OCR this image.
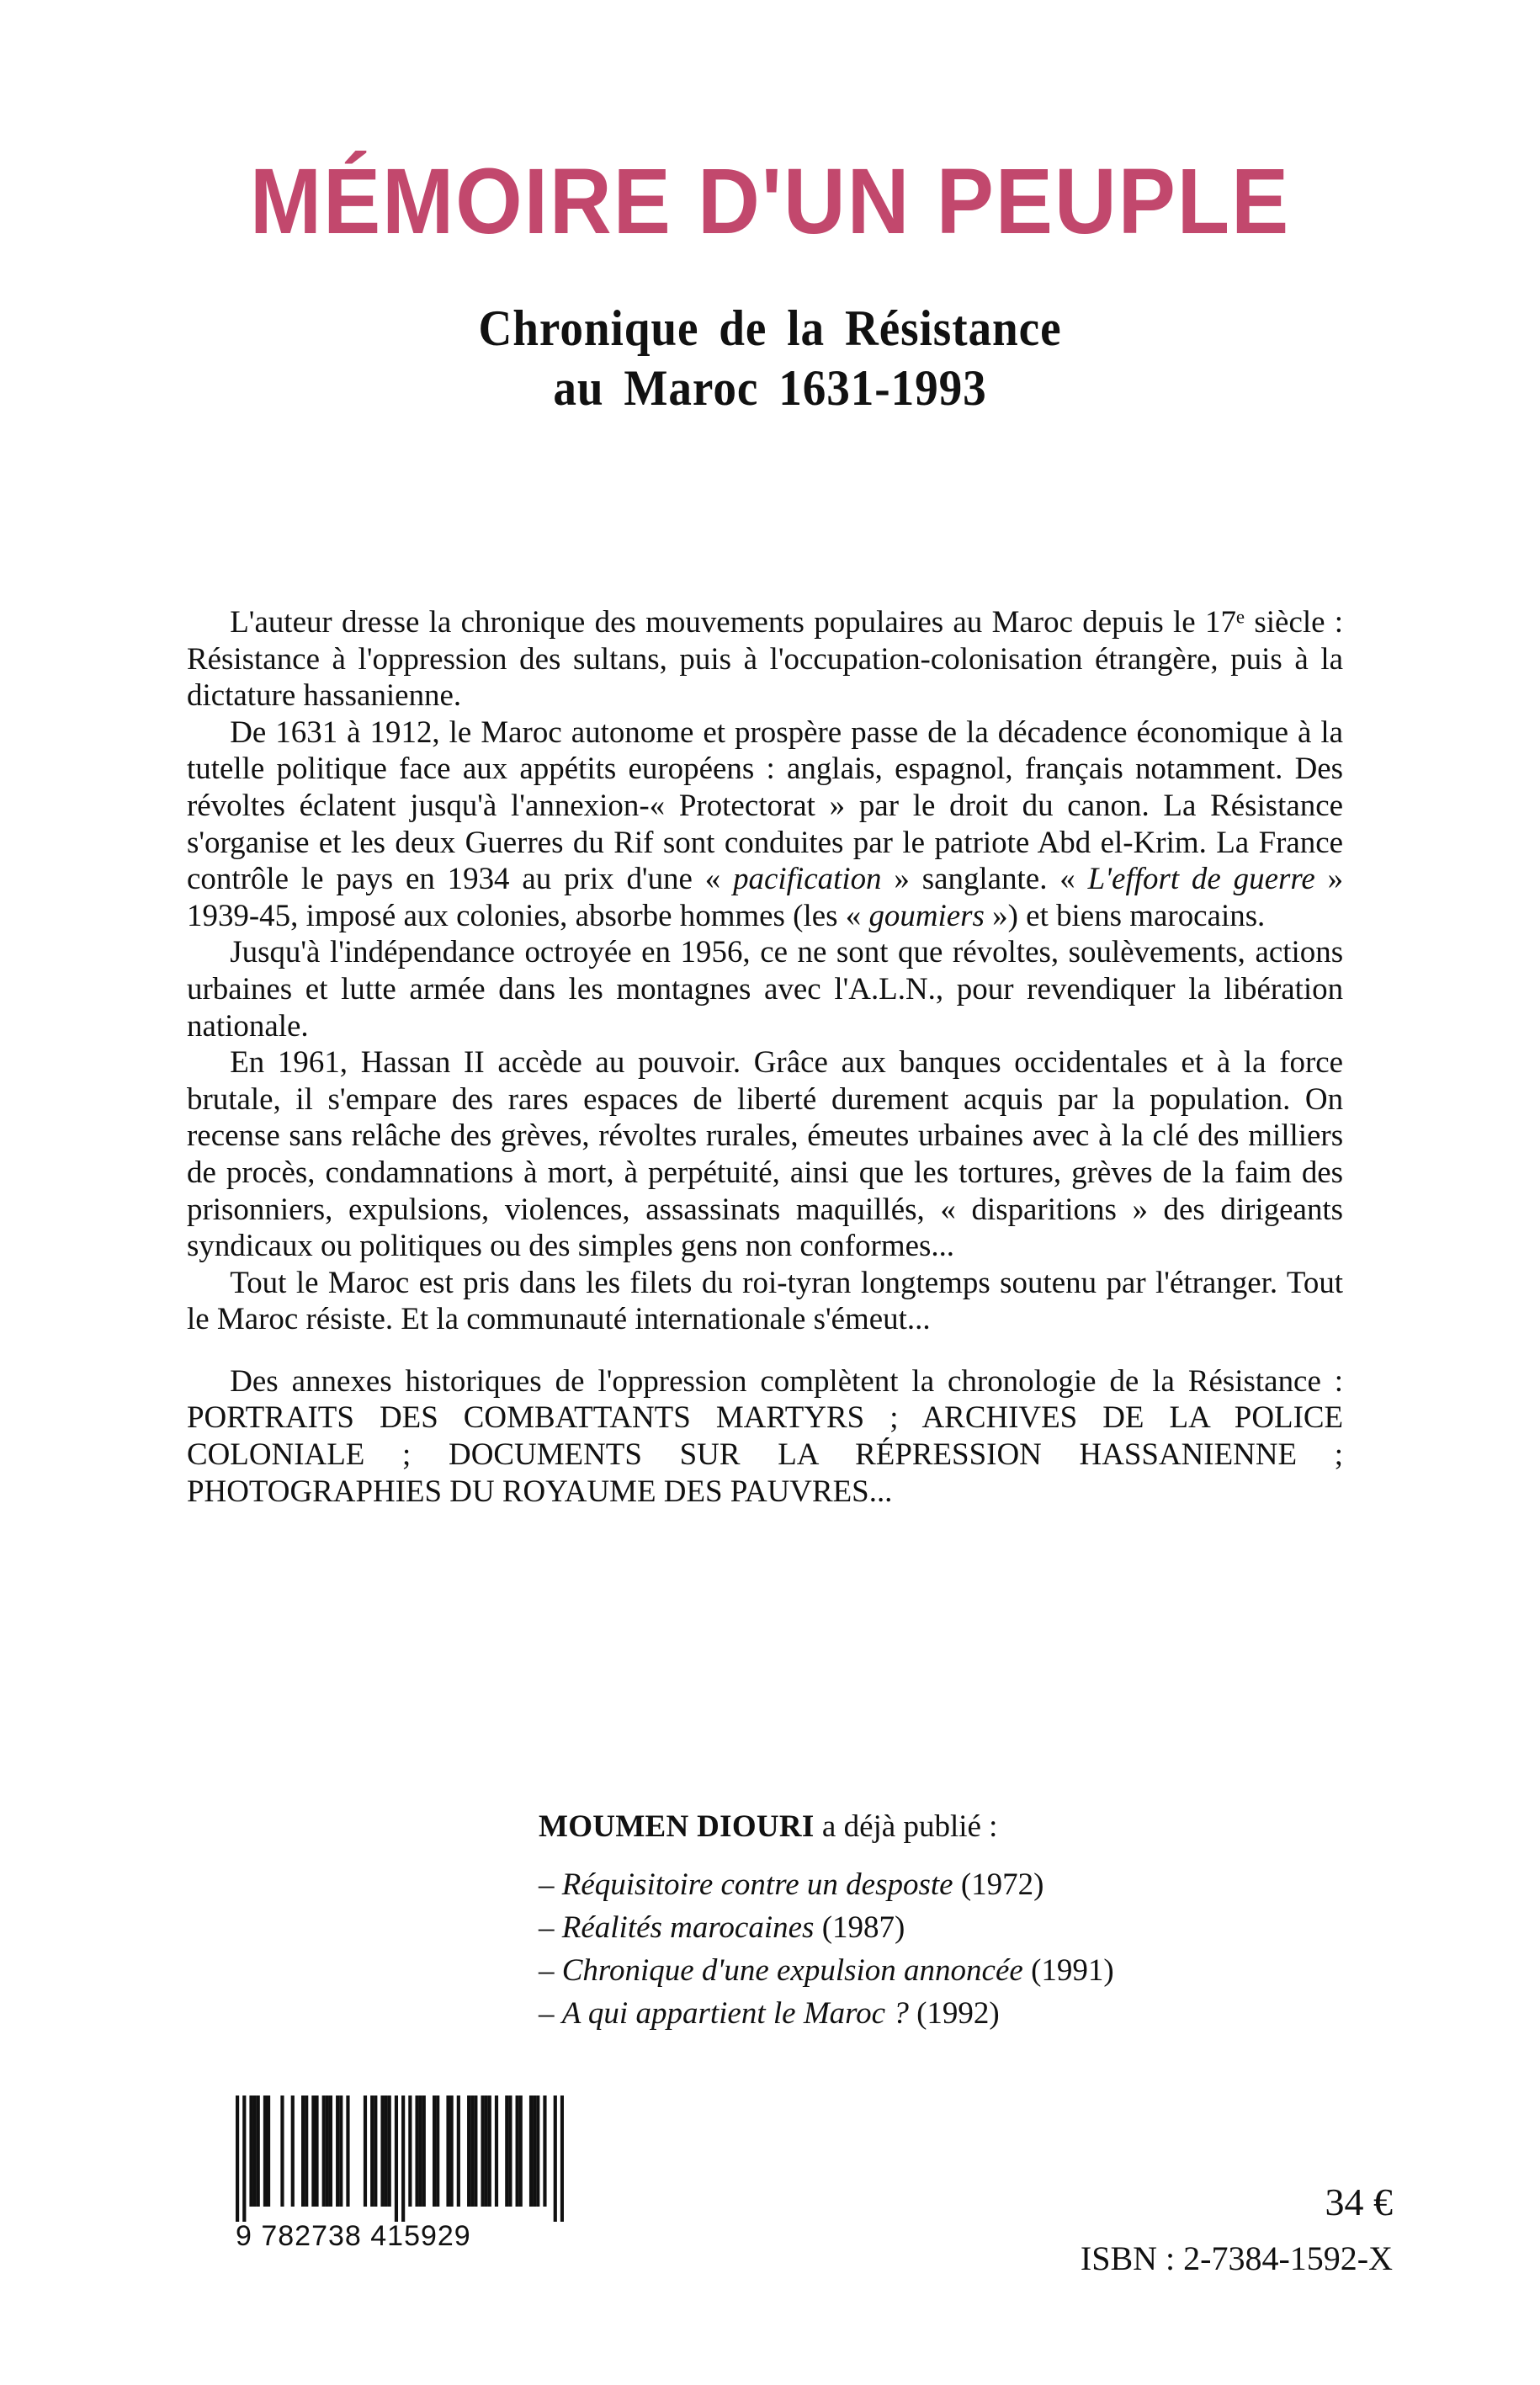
MÉMOIRE D'UN PEUPLE
Chronique de la Résistance
au Maroc 1631-1993

L'auteur dresse la chronique des mouvements populaires au Maroc depuis le 17e siècle : Résistance à l'oppression des sultans, puis à l'occupation-colonisation étrangère, puis à la dictature hassanienne.

De 1631 à 1912, le Maroc autonome et prospère passe de la décadence économique à la tutelle politique face aux appétits européens : anglais, espagnol, français notamment. Des révoltes éclatent jusqu'à l'annexion-« Protectorat » par le droit du canon. La Résistance s'organise et les deux Guerres du Rif sont conduites par le patriote Abd el-Krim. La France contrôle le pays en 1934 au prix d'une « pacification » sanglante. « L'effort de guerre » 1939-45, imposé aux colonies, absorbe hommes (les « goumiers ») et biens marocains.

Jusqu'à l'indépendance octroyée en 1956, ce ne sont que révoltes, soulèvements, actions urbaines et lutte armée dans les montagnes avec l'A.L.N., pour revendiquer la libération nationale.

En 1961, Hassan II accède au pouvoir. Grâce aux banques occidentales et à la force brutale, il s'empare des rares espaces de liberté durement acquis par la population. On recense sans relâche des grèves, révoltes rurales, émeutes urbaines avec à la clé des milliers de procès, condamnations à mort, à perpétuité, ainsi que les tortures, grèves de la faim des prisonniers, expulsions, violences, assassinats maquillés, « disparitions » des dirigeants syndicaux ou politiques ou des simples gens non conformes...

Tout le Maroc est pris dans les filets du roi-tyran longtemps soutenu par l'étranger. Tout le Maroc résiste. Et la communauté internationale s'émeut...

Des annexes historiques de l'oppression complètent la chronologie de la Résistance : PORTRAITS DES COMBATTANTS MARTYRS ; ARCHIVES DE LA POLICE COLONIALE ; DOCUMENTS SUR LA RÉPRESSION HASSANIENNE ; PHOTOGRAPHIES DU ROYAUME DES PAUVRES...

MOUMEN DIOURI a déjà publié :

– Réquisitoire contre un desposte (1972)

– Réalités marocaines (1987)

– Chronique d'une expulsion annoncée (1991)

– A qui appartient le Maroc ? (1992)

9 782738 415929
34 €
ISBN : 2-7384-1592-X
